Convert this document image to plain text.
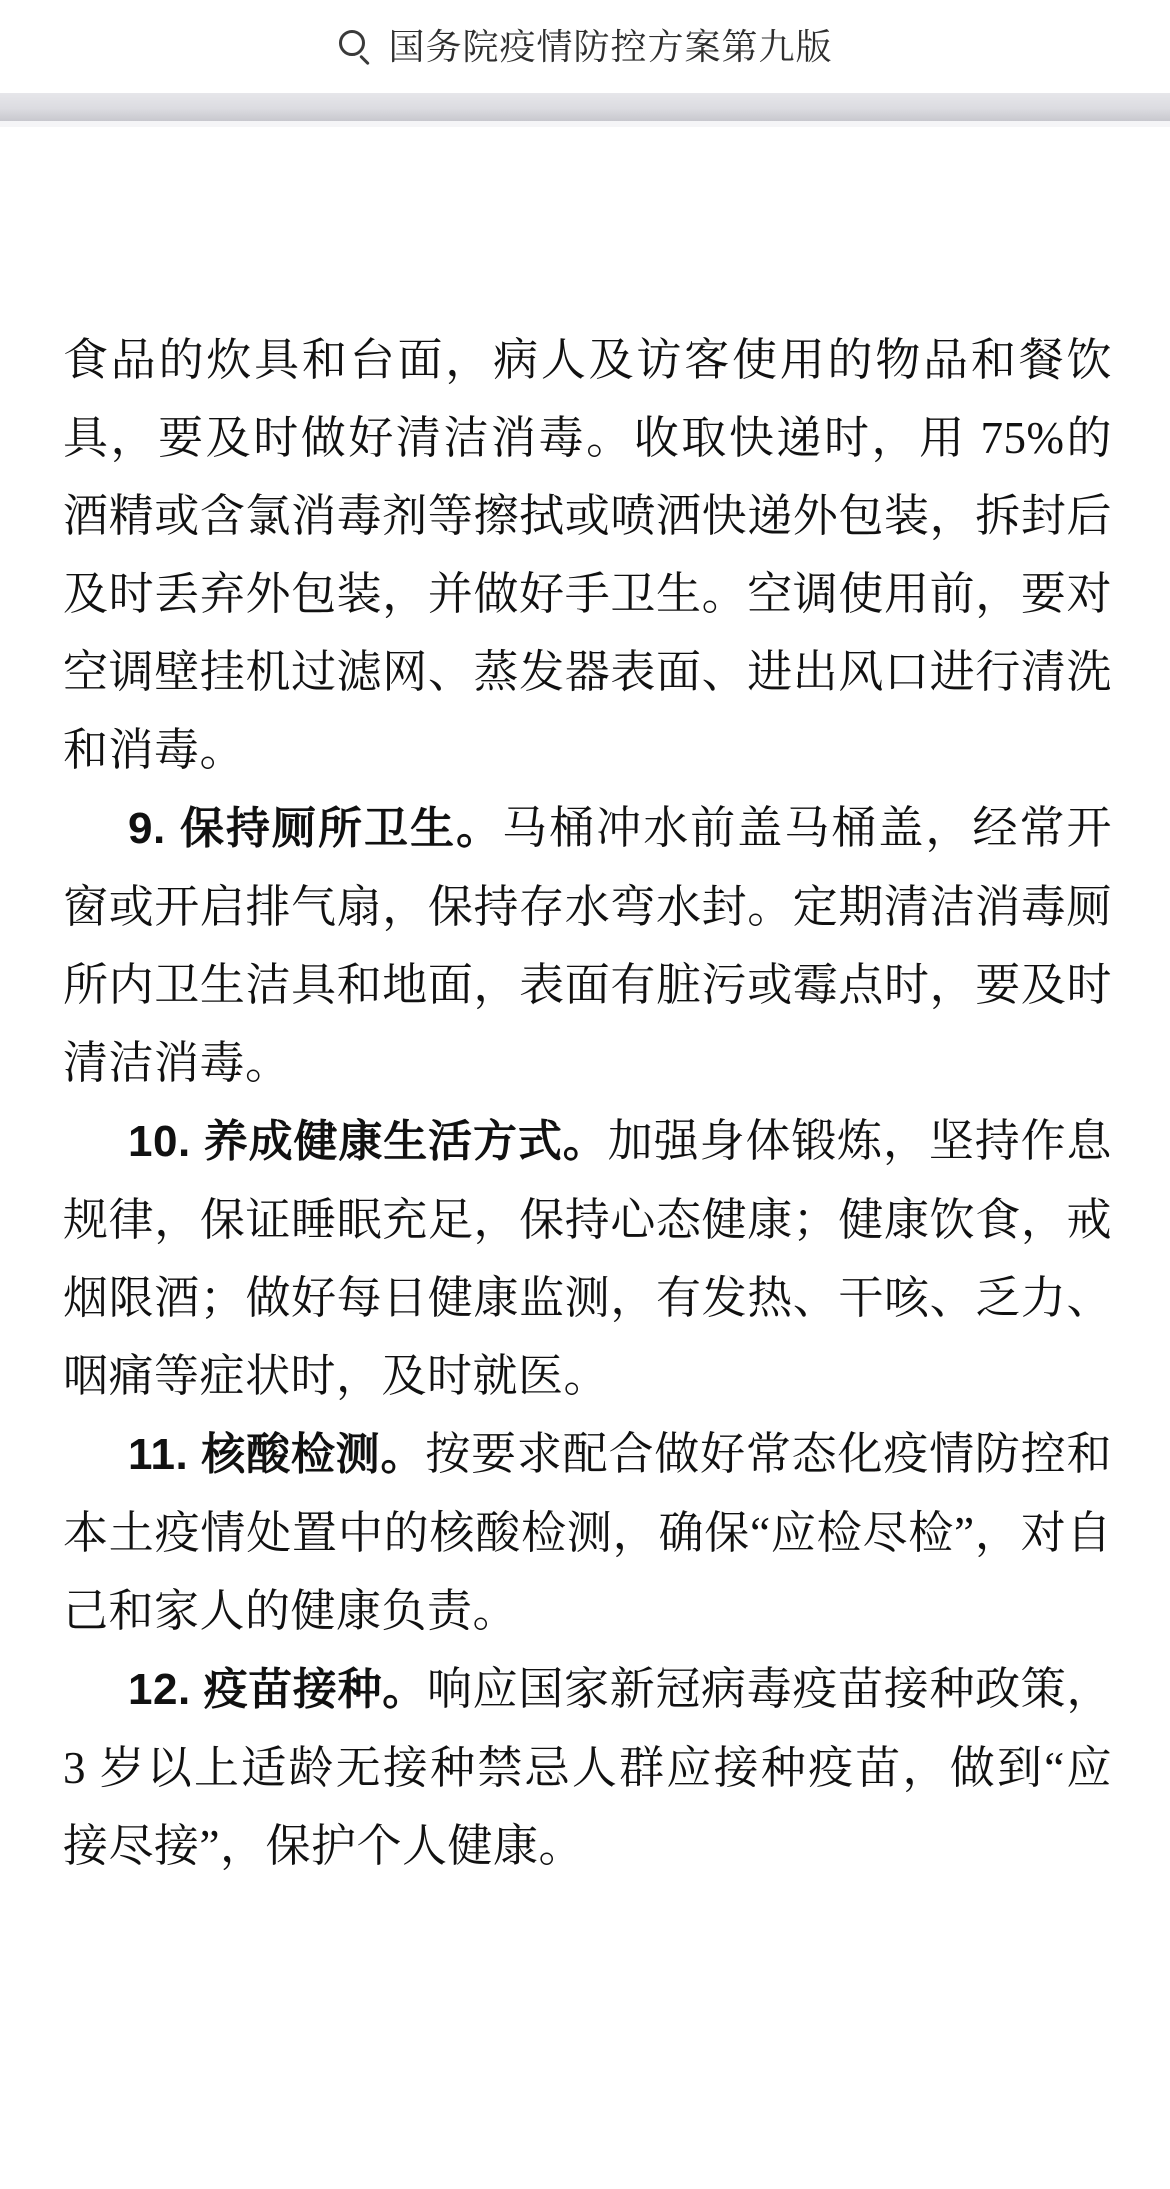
国务院疫情防控方案第九版

食品的炊具和台面，病人及访客使用的物品和餐饮具，要及时做好清洁消毒。收取快递时，用 75%的酒精或含氯消毒剂等擦拭或喷洒快递外包装，拆封后及时丢弃外包装，并做好手卫生。空调使用前，要对空调壁挂机过滤网、蒸发器表面、进出风口进行清洗和消毒。

9. 保持厕所卫生。马桶冲水前盖马桶盖，经常开窗或开启排气扇，保持存水弯水封。定期清洁消毒厕所内卫生洁具和地面，表面有脏污或霉点时，要及时清洁消毒。

10. 养成健康生活方式。加强身体锻炼，坚持作息规律，保证睡眠充足，保持心态健康；健康饮食，戒烟限酒；做好每日健康监测，有发热、干咳、乏力、咽痛等症状时，及时就医。

11. 核酸检测。按要求配合做好常态化疫情防控和本土疫情处置中的核酸检测，确保“应检尽检”，对自己和家人的健康负责。

12. 疫苗接种。响应国家新冠病毒疫苗接种政策，3 岁以上适龄无接种禁忌人群应接种疫苗，做到“应接尽接”，保护个人健康。
